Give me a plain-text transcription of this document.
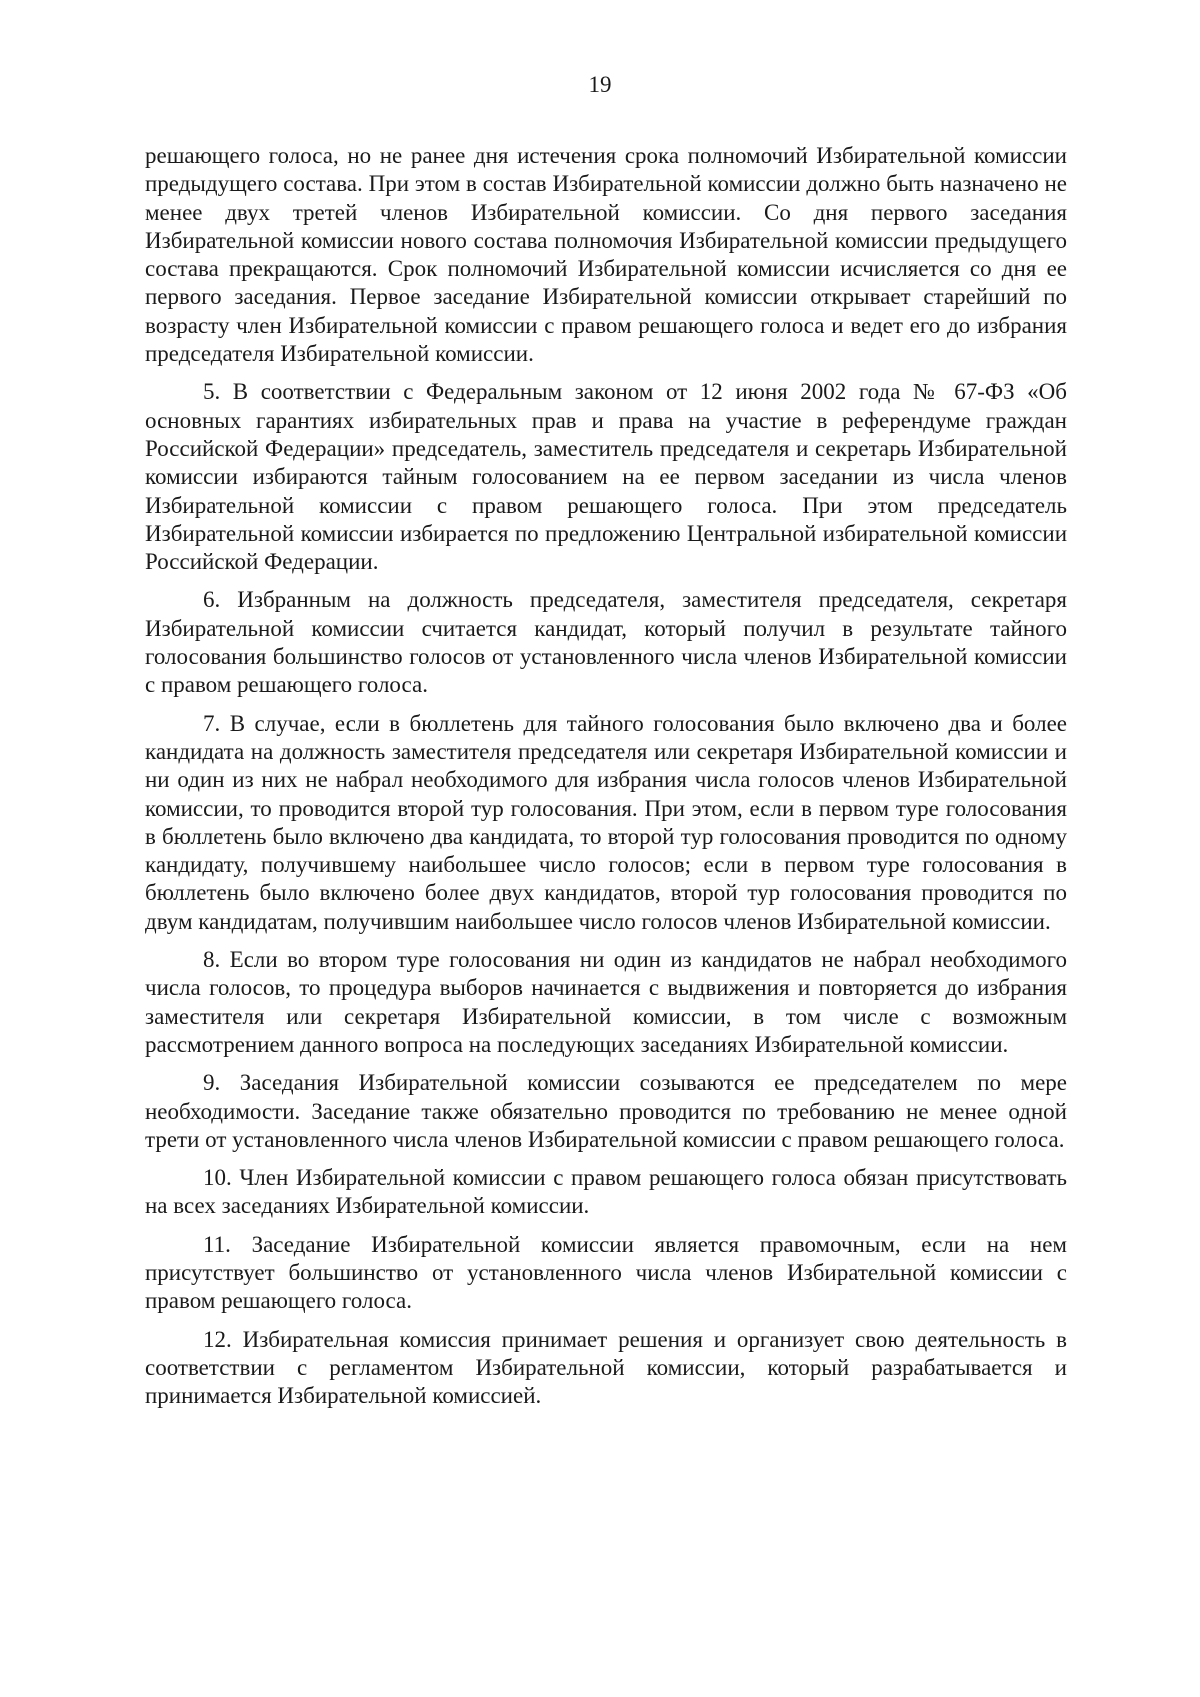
19

решающего голоса, но не ранее дня истечения срока полномочий Избирательной комиссии предыдущего состава. При этом в состав Избирательной комиссии должно быть назначено не менее двух третей членов Избирательной комиссии. Со дня первого заседания Избирательной комиссии нового состава полномочия Избирательной комиссии предыдущего состава прекращаются. Срок полномочий Избирательной комиссии исчисляется со дня ее первого заседания. Первое заседание Избирательной комиссии открывает старейший по возрасту член Избирательной комиссии с правом решающего голоса и ведет его до избрания председателя Избирательной комиссии.

5. В соответствии с Федеральным законом от 12 июня 2002 года № 67-ФЗ «Об основных гарантиях избирательных прав и права на участие в референдуме граждан Российской Федерации» председатель, заместитель председателя и секретарь Избирательной комиссии избираются тайным голосованием на ее первом заседании из числа членов Избирательной комиссии с правом решающего голоса. При этом председатель Избирательной комиссии избирается по предложению Центральной избирательной комиссии Российской Федерации.

6. Избранным на должность председателя, заместителя председателя, секретаря Избирательной комиссии считается кандидат, который получил в результате тайного голосования большинство голосов от установленного числа членов Избирательной комиссии с правом решающего голоса.

7. В случае, если в бюллетень для тайного голосования было включено два и более кандидата на должность заместителя председателя или секретаря Избирательной комиссии и ни один из них не набрал необходимого для избрания числа голосов членов Избирательной комиссии, то проводится второй тур голосования. При этом, если в первом туре голосования в бюллетень было включено два кандидата, то второй тур голосования проводится по одному кандидату, получившему наибольшее число голосов; если в первом туре голосования в бюллетень было включено более двух кандидатов, второй тур голосования проводится по двум кандидатам, получившим наибольшее число голосов членов Избирательной комиссии.

8. Если во втором туре голосования ни один из кандидатов не набрал необходимого числа голосов, то процедура выборов начинается с выдвижения и повторяется до избрания заместителя или секретаря Избирательной комиссии, в том числе с возможным рассмотрением данного вопроса на последующих заседаниях Избирательной комиссии.

9. Заседания Избирательной комиссии созываются ее председателем по мере необходимости. Заседание также обязательно проводится по требованию не менее одной трети от установленного числа членов Избирательной комиссии с правом решающего голоса.

10. Член Избирательной комиссии с правом решающего голоса обязан присутствовать на всех заседаниях Избирательной комиссии.

11. Заседание Избирательной комиссии является правомочным, если на нем присутствует большинство от установленного числа членов Избирательной комиссии с правом решающего голоса.

12. Избирательная комиссия принимает решения и организует свою деятельность в соответствии с регламентом Избирательной комиссии, который разрабатывается и принимается Избирательной комиссией.
